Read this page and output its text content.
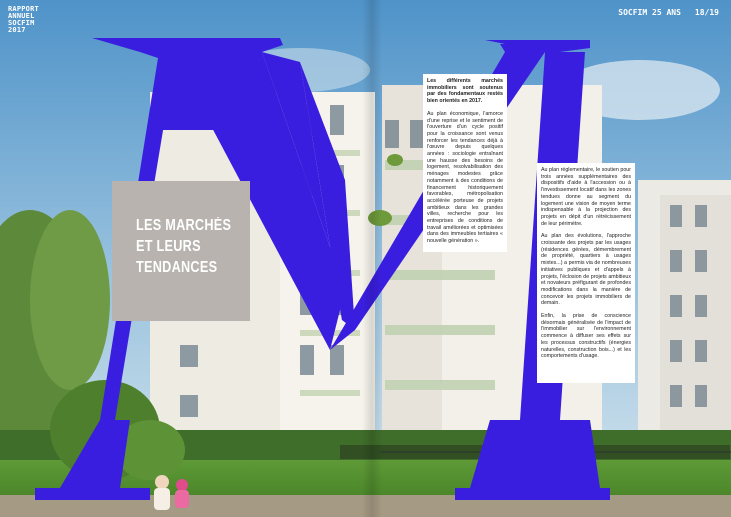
RAPPORT
ANNUEL
SOCFIM
2017
SOCFIM 25 ANS 18/19
LES MARCHÉS
ET LEURS
TENDANCES

Les différents marchés immobiliers sont soutenus par des fondamentaux restés bien orientés en 2017.

Au plan économique, l'amorce d'une reprise et le sentiment de l'ouverture d'un cycle positif pour la croissance sont venus renforcer les tendances déjà à l'œuvre depuis quelques années : sociologie entraînant une hausse des besoins de logement, resolvabilisation des ménages modestes grâce notamment à des conditions de financement historiquement favorables, métropolisation accélérée porteuse de projets ambitieux dans les grandes villes, recherche pour les entreprises de conditions de travail améliorées et optimisées dans des immeubles tertiaires « nouvelle génération ».

Au plan réglementaire, le soutien pour trois années supplémentaires des dispositifs d'aide à l'accession ou à l'investissement locatif dans les zones tendues donne au segment du logement une vision de moyen terme indispensable à la projection des projets en dépit d'un rétrécissement de leur périmètre.

Au plan des évolutions, l'approche croissante des projets par les usages (résidences gérées, démembrement de propriété, quartiers à usages mixtes...) a permis via de nombreuses initiatives publiques et d'appels à projets, l'éclosion de projets ambitieux et novateurs préfigurant de profondes modifications dans la manière de concevoir les projets immobiliers de demain.

Enfin, la prise de conscience désormais généralisée de l'impact de l'immobilier sur l'environnement commence à diffuser ses effets sur les processus constructifs (énergies naturelles, construction bois...) et les comportements d'usage.
